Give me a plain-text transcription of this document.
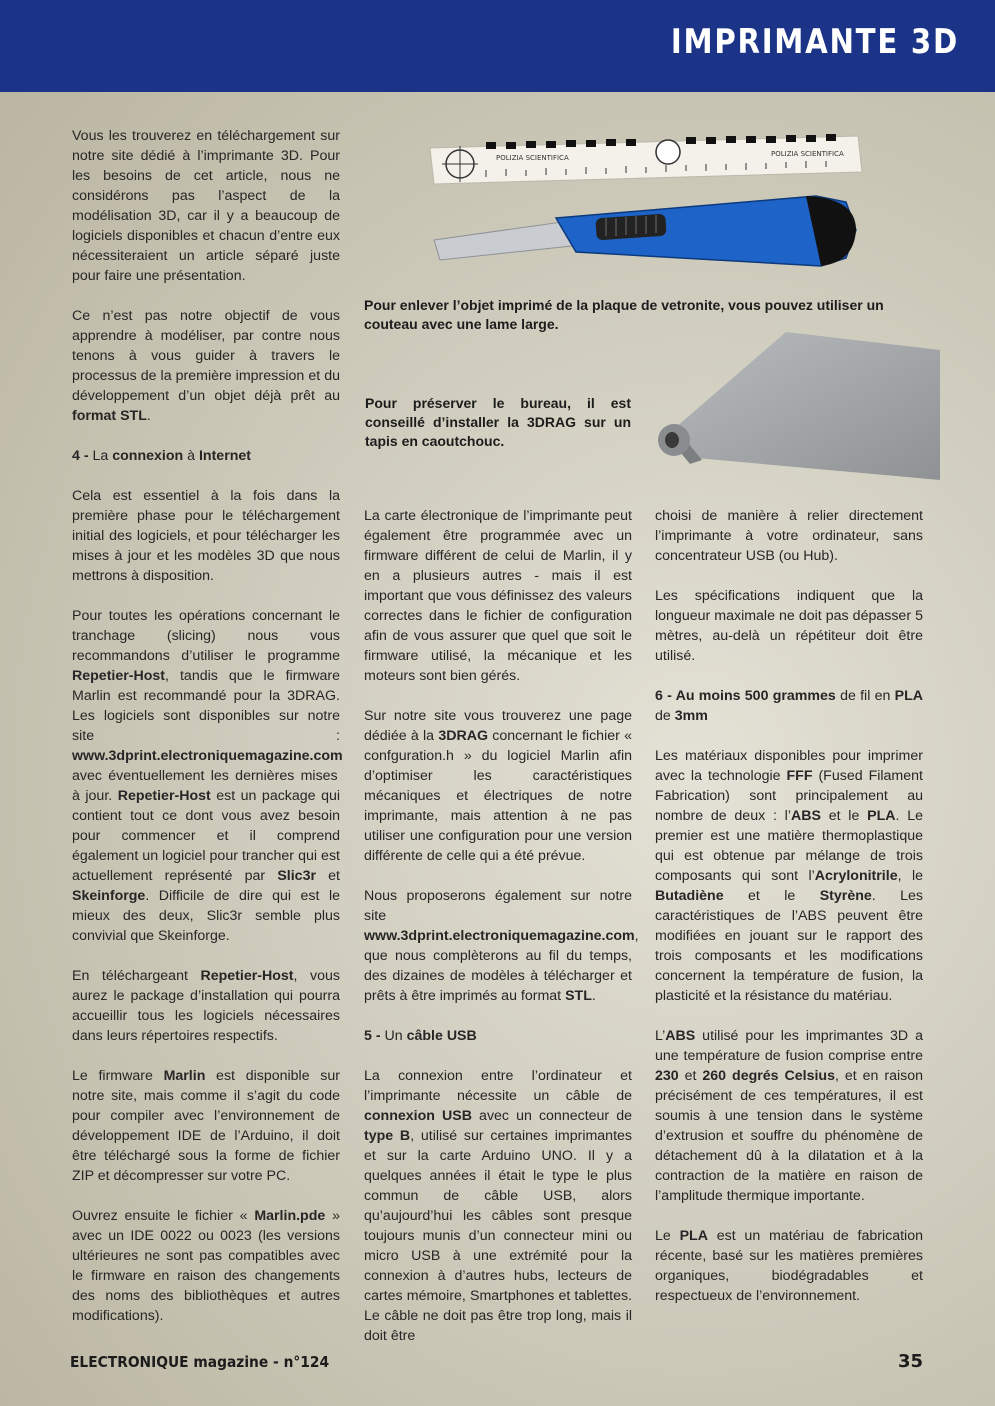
IMPRIMANTE 3D
POLIZIA SCIENTIFICA	POLIZIA SCIENTIFICA
Pour enlever l’objet imprimé de la plaque de vetronite, vous pouvez utiliser un couteau avec une lame large.
Pour préserver le bureau, il est conseillé d’installer la 3DRAG sur un tapis en caoutchouc.

Vous les trouverez en téléchargement sur notre site dédié à l’imprimante 3D. Pour les besoins de cet article, nous ne considérons pas l’aspect de la modélisation 3D, car il y a beaucoup de logiciels disponibles et chacun d’entre eux nécessiteraient un article séparé juste pour faire une présentation.

Ce n’est pas notre objectif de vous apprendre à modéliser, par contre nous tenons à vous guider à travers le processus de la première impression et du développement d’un objet déjà prêt au format STL.

4 - La connexion à Internet

Cela est essentiel à la fois dans la première phase pour le téléchargement initial des logiciels, et pour télécharger les mises à jour et les modèles 3D que nous mettrons à disposition.

Pour toutes les opérations concernant le tranchage (slicing) nous vous recommandons d’utiliser le programme Repetier-Host, tandis que le firmware Marlin est recommandé pour la 3DRAG. Les logiciels sont disponibles sur notre site : www.3dprint.electroniquemagazine.com avec éventuellement les dernières mises à jour. Repetier-Host est un package qui contient tout ce dont vous avez besoin pour commencer et il comprend également un logiciel pour trancher qui est actuellement représenté par Slic3r et Skeinforge. Difficile de dire qui est le mieux des deux, Slic3r semble plus convivial que Skeinforge.

En téléchargeant Repetier-Host, vous aurez le package d’installation qui pourra accueillir tous les logiciels nécessaires dans leurs répertoires respectifs.

Le firmware Marlin est disponible sur notre site, mais comme il s’agit du code pour compiler avec l’environnement de développement IDE de l’Arduino, il doit être téléchargé sous la forme de fichier ZIP et décompresser sur votre PC.

Ouvrez ensuite le fichier « Marlin.pde » avec un IDE 0022 ou 0023 (les versions ultérieures ne sont pas compatibles avec le firmware en raison des changements des noms des bibliothèques et autres modifications).

La carte électronique de l’imprimante peut également être programmée avec un firmware différent de celui de Marlin, il y en a plusieurs autres - mais il est important que vous définissez des valeurs correctes dans le fichier de configuration afin de vous assurer que quel que soit le firmware utilisé, la mécanique et les moteurs sont bien gérés.

Sur notre site vous trouverez une page dédiée à la 3DRAG concernant le fichier « confguration.h » du logiciel Marlin afin d’optimiser les caractéristiques mécaniques et électriques de notre imprimante, mais attention à ne pas utiliser une configuration pour une version différente de celle qui a été prévue.

Nous proposerons également sur notre site www.3dprint.electroniquemagazine.com, que nous complèterons au fil du temps, des dizaines de modèles à télécharger et prêts à être imprimés au format STL.

5 - Un câble USB

La connexion entre l’ordinateur et l’imprimante nécessite un câble de connexion USB avec un connecteur de type B, utilisé sur certaines imprimantes et sur la carte Arduino UNO. Il y a quelques années il était le type le plus commun de câble USB, alors qu’aujourd’hui les câbles sont presque toujours munis d’un connecteur mini ou micro USB à une extrémité pour la connexion à d’autres hubs, lecteurs de cartes mémoire, Smartphones et tablettes. Le câble ne doit pas être trop long, mais il doit être

choisi de manière à relier directement l’imprimante à votre ordinateur, sans concentrateur USB (ou Hub).

Les spécifications indiquent que la longueur maximale ne doit pas dépasser 5 mètres, au-delà un répétiteur doit être utilisé.

6 - Au moins 500 grammes de fil en PLA de 3mm

Les matériaux disponibles pour imprimer avec la technologie FFF (Fused Filament Fabrication) sont principalement au nombre de deux : l’ABS et le PLA. Le premier est une matière thermoplastique qui est obtenue par mélange de trois composants qui sont l’Acrylonitrile, le Butadiène et le Styrène. Les caractéristiques de l’ABS peuvent être modifiées en jouant sur le rapport des trois composants et les modifications concernent la température de fusion, la plasticité et la résistance du matériau.

L’ABS utilisé pour les imprimantes 3D a une température de fusion comprise entre 230 et 260 degrés Celsius, et en raison précisément de ces températures, il est soumis à une tension dans le système d’extrusion et souffre du phénomène de détachement dû à la dilatation et à la contraction de la matière en raison de l’amplitude thermique importante.

Le PLA est un matériau de fabrication récente, basé sur les matières premières organiques, biodégradables et respectueux de l’environnement.

ELECTRONIQUE magazine - n°124	35
